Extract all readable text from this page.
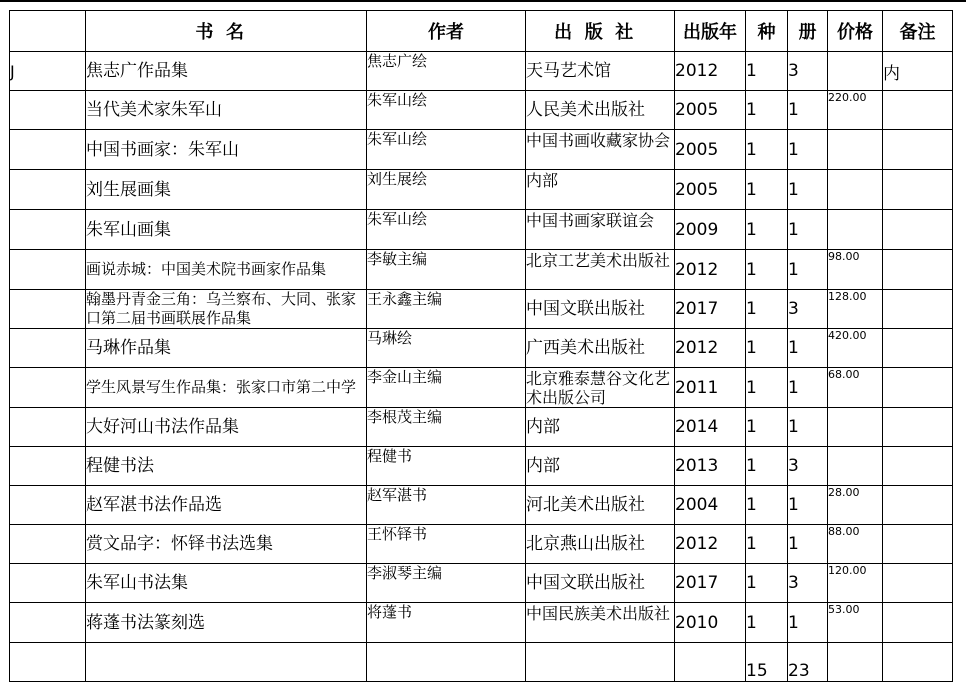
	书名	作者	出版社	出版年	种	册	价格	备注
J	焦志广作品集	焦志广绘	天马艺术馆	2012	1	3		内
	当代美术家朱军山	朱军山绘	人民美术出版社	2005	1	1	220.00	
	中国书画家：朱军山	朱军山绘	中国书画收藏家协会	2005	1	1		
	刘生展画集	刘生展绘	内部	2005	1	1		
	朱军山画集	朱军山绘	中国书画家联谊会	2009	1	1		
	画说赤城：中国美术院书画家作品集	李敏主编	北京工艺美术出版社	2012	1	1	98.00	
	翰墨丹青金三角：乌兰察布、大同、张家口第二届书画联展作品集	王永鑫主编	中国文联出版社	2017	1	3	128.00	
	马琳作品集	马琳绘	广西美术出版社	2012	1	1	420.00	
	学生风景写生作品集：张家口市第二中学	李金山主编	北京雅泰慧谷文化艺术出版公司	2011	1	1	68.00	
	大好河山书法作品集	李根茂主编	内部	2014	1	1		
	程健书法	程健书	内部	2013	1	3		
	赵军湛书法作品选	赵军湛书	河北美术出版社	2004	1	1	28.00	
	赏文品字：怀铎书法选集	王怀铎书	北京燕山出版社	2012	1	1	88.00	
	朱军山书法集	李淑琴主编	中国文联出版社	2017	1	3	120.00	
	蒋蓬书法篆刻选	将蓬书	中国民族美术出版社	2010	1	1	53.00	
					15	23		
